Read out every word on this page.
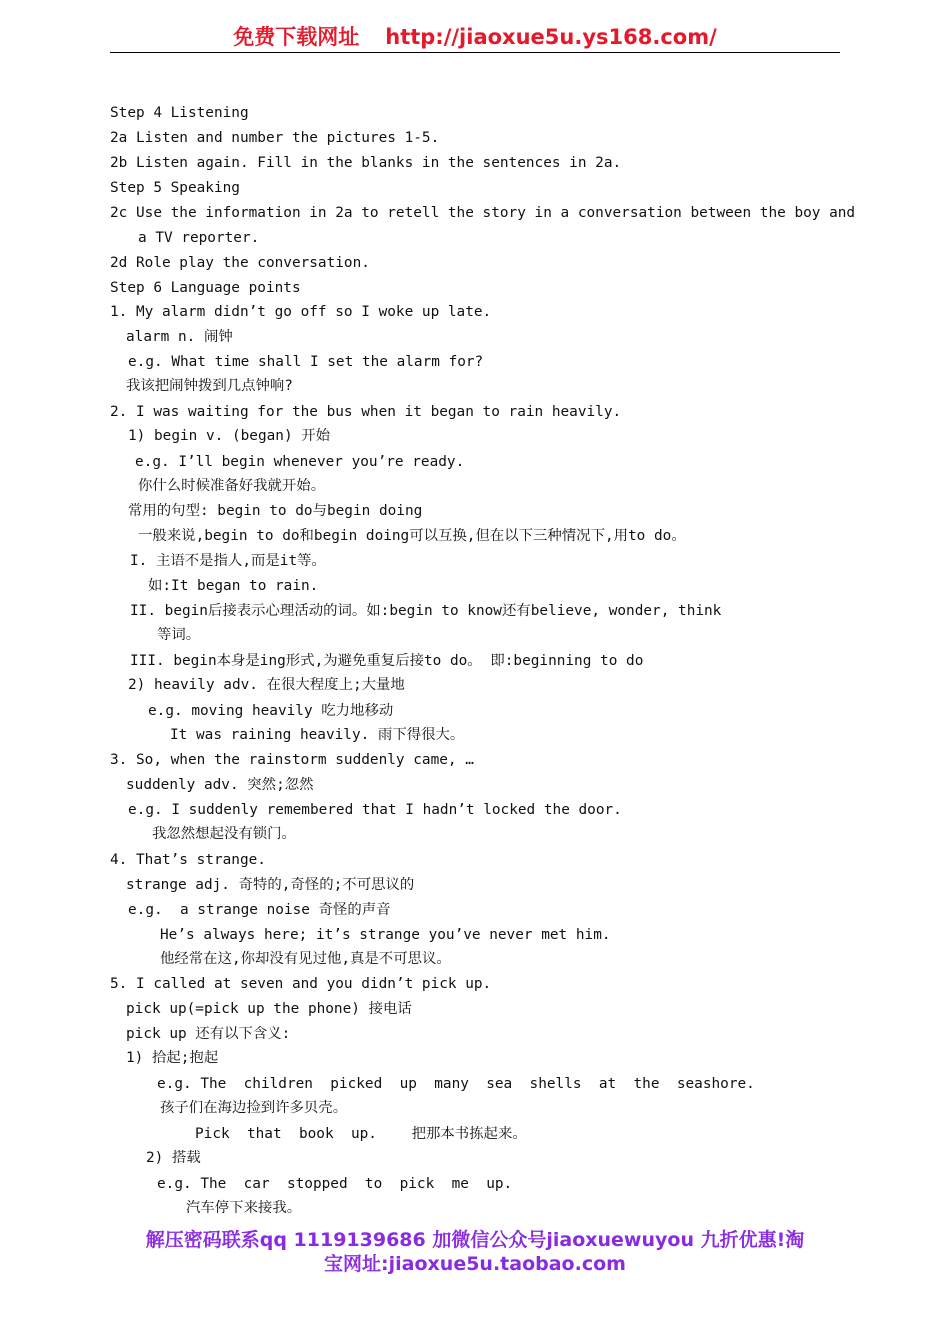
免费下载网址 http://jiaoxue5u.ys168.com/
Step 4 Listening
2a Listen and number the pictures 1-5.
2b Listen again. Fill in the blanks in the sentences in 2a.
Step 5 Speaking
2c Use the information in 2a to retell the story in a conversation between the boy and
a TV reporter.
2d Role play the conversation.
Step 6 Language points
1. My alarm didn’t go off so I woke up late.
alarm n. 闹钟
e.g. What time shall I set the alarm for?
我该把闹钟拨到几点钟响?
2. I was waiting for the bus when it began to rain heavily.
1) begin v. (began) 开始
e.g. I’ll begin whenever you’re ready.
你什么时候准备好我就开始。
常用的句型: begin to do与begin doing
一般来说,begin to do和begin doing可以互换,但在以下三种情况下,用to do。
I. 主语不是指人,而是it等。
如:It began to rain.
II. begin后接表示心理活动的词。如:begin to know还有believe, wonder, think
等词。
III. begin本身是ing形式,为避免重复后接to do。 即:beginning to do
2) heavily adv. 在很大程度上;大量地
e.g. moving heavily 吃力地移动
It was raining heavily. 雨下得很大。
3. So, when the rainstorm suddenly came, …
suddenly adv. 突然;忽然
e.g. I suddenly remembered that I hadn’t locked the door.
我忽然想起没有锁门。
4. That’s strange.
strange adj. 奇特的,奇怪的;不可思议的
e.g.  a strange noise 奇怪的声音
He’s always here; it’s strange you’ve never met him.
他经常在这,你却没有见过他,真是不可思议。
5. I called at seven and you didn’t pick up.
pick up(=pick up the phone) 接电话
pick up 还有以下含义:
1) 拾起;抱起
e.g. The  children  picked  up  many  sea  shells  at  the  seashore.
孩子们在海边捡到许多贝壳。
Pick  that  book  up.    把那本书拣起来。
2) 搭载
e.g. The  car  stopped  to  pick  me  up.
汽车停下来接我。
解压密码联系qq 1119139686 加微信公众号jiaoxuewuyou 九折优惠!淘
宝网址:jiaoxue5u.taobao.com
